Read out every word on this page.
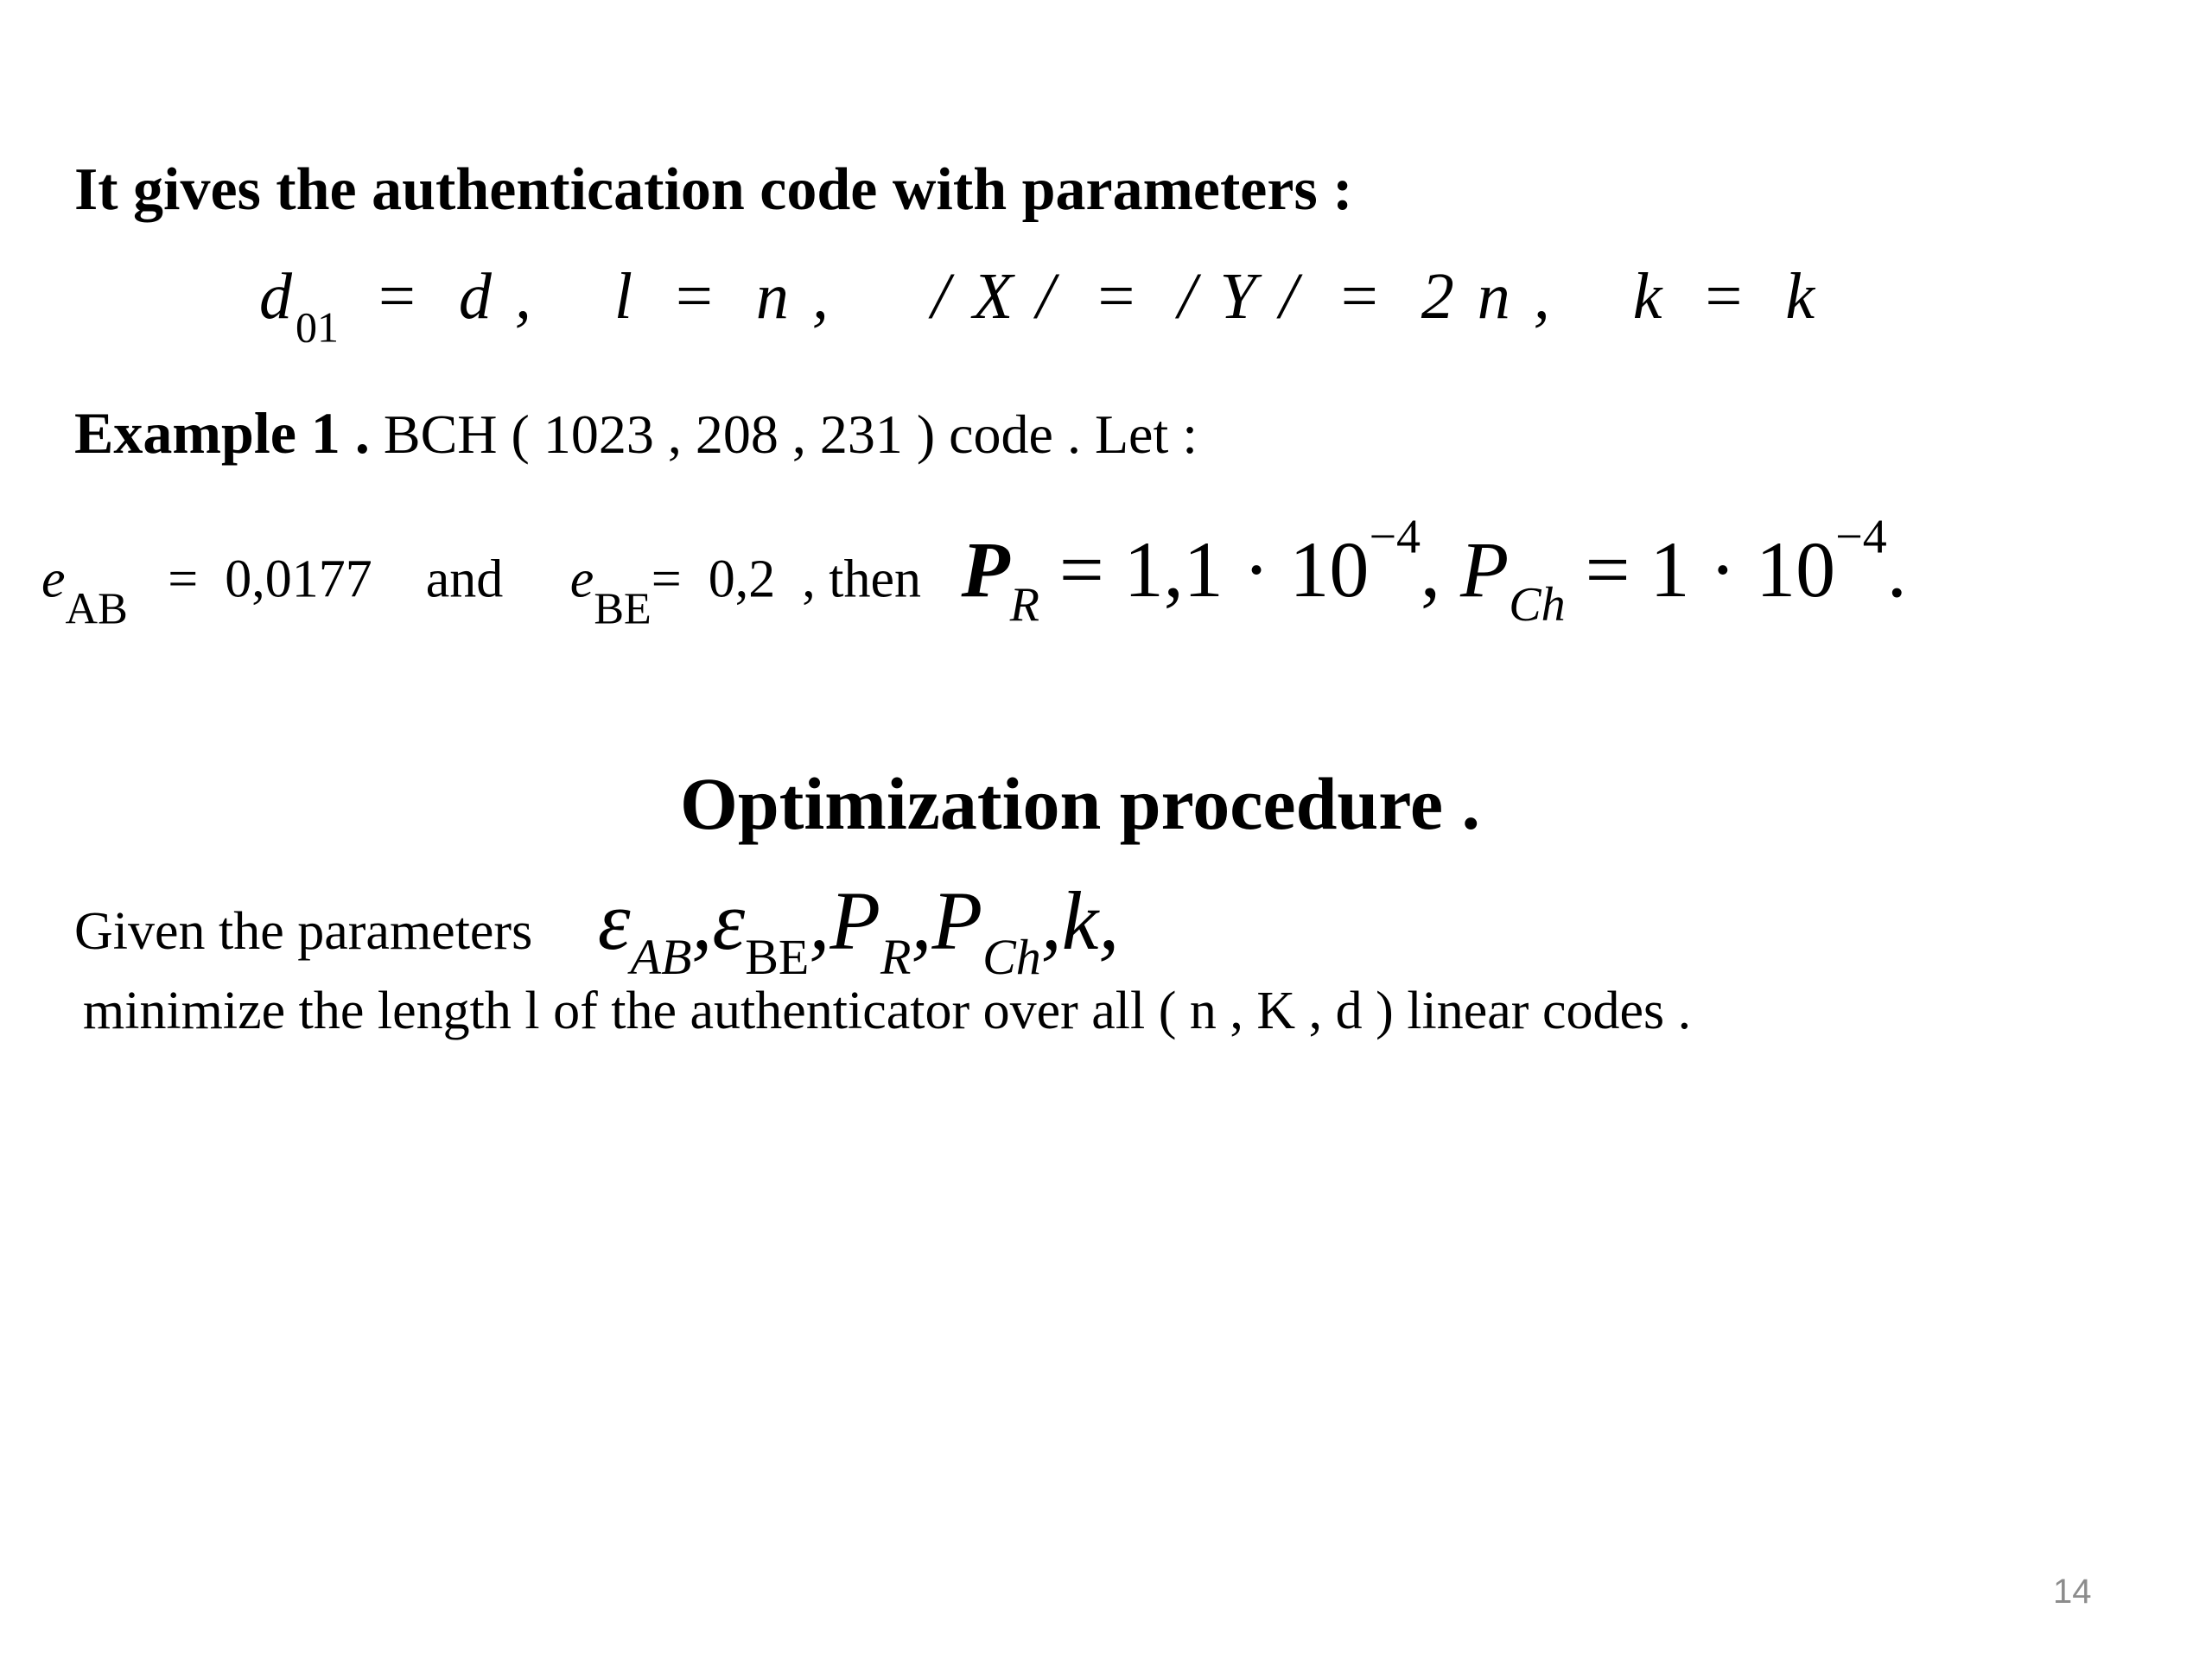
It gives the authentication code with parameters :
$d_{01} = d$ , l = n , / X / = / Y / = 2 n , k = k
Example 1 . BCH ( 1023 , 208 , 231 ) code . Let :
$e_{AB} = 0,0177$ and $e_{BE}= 0,2$ , then $P_R = 1,1 \cdot 10^{-4}$, $P_{Ch} = 1 \cdot 10^{-4}$.
Optimization procedure .
Given the parameters $\varepsilon_{AB},\varepsilon_{BE},P_R,P_{Ch},k$,
minimize the length l of the authenticator over all ( n , K , d ) linear codes .
14
